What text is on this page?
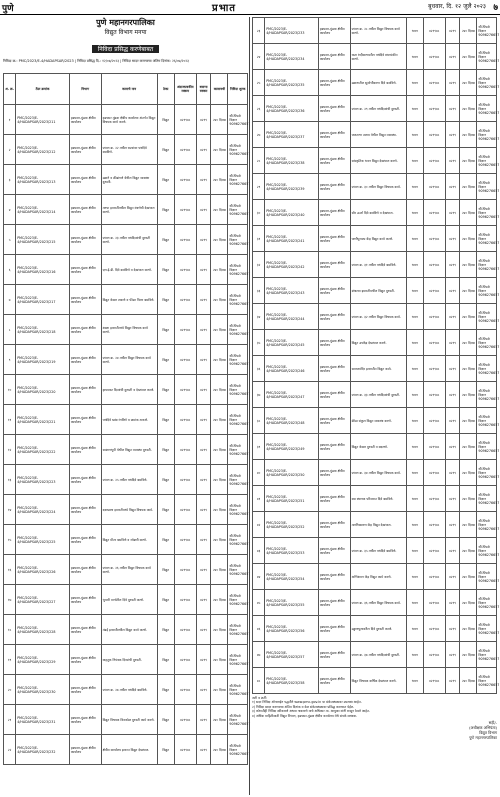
पुणे	प्रभात	बुधवार, दि. १२ जुलै २०२३ ७
पुणे महानगरपालिका
विद्युत विभाग मनपा
निविदा प्रसिद्ध करणेबाबत
निविदा क्र.: PMC/2023/E-4/HADAPSAR/2023 | निविदा प्रसिद्ध दि.: १२/०७/२०२३ | निविदा सादर करण्याचा अंतिम दिनांक: २६/०७/२०२३
अ. क्र.	टेंडर क्रमांक	विभाग	कामाचे नाव	ठेका	अंदाजपत्रकीय रक्कम	बयाणा रक्कम	कालावधी	निविदा शुल्क
१	PMC/2023/E-4/HADAPSAR/2023/211	हडपसर-मुंढवा क्षेत्रीय कार्यालय	हडपसर मुंढवा क्षेत्रीय कार्यालय अंतर्गत विद्युत विषयक कामे करणे.	विद्युत	४२१९४८	४२१९	२४० दिवस	श्री.पिंपळे विज्ञान 9096276657
२	PMC/2023/E-4/HADAPSAR/2023/212	हडपसर-मुंढवा क्षेत्रीय कार्यालय	प्रभाग क्र. २२ मधील रस्त्यांवर पथदिवे बसविणे.	विद्युत	४२१९४८	४२१९	२४० दिवस	श्री.पिंपळे विज्ञान 9096276657
३	PMC/2023/E-4/HADAPSAR/2023/213	हडपसर-मुंढवा क्षेत्रीय कार्यालय	उद्याने व क्रीडांगणे येथील विद्युत व्यवस्था दुरुस्ती.	विद्युत	४२१९४८	४२१९	२४० दिवस	श्री.पिंपळे विज्ञान 9096276657
४	PMC/2023/E-4/HADAPSAR/2023/214	हडपसर-मुंढवा क्षेत्रीय कार्यालय	मनपा इमारतींमधील विद्युत यंत्रणेची देखभाल करणे.	विद्युत	४२१९४८	४२१९	२४० दिवस	श्री.पिंपळे विज्ञान 9096276657
५	PMC/2023/E-4/HADAPSAR/2023/215	हडपसर-मुंढवा क्षेत्रीय कार्यालय	प्रभाग क्र. २३ मधील पथदिव्यांची दुरुस्ती करणे.	विद्युत	४२१९४८	४२१९	२४० दिवस	श्री.पिंपळे विज्ञान 9096276657
६	PMC/2023/E-4/HADAPSAR/2023/216	हडपसर-मुंढवा क्षेत्रीय कार्यालय	एल.ई.डी. दिवे बसविणे व देखभाल करणे.	विद्युत	४२१९४८	४२१९	२४० दिवस	श्री.पिंपळे विज्ञान 9096276657
७	PMC/2023/E-4/HADAPSAR/2023/217	हडपसर-मुंढवा क्षेत्रीय कार्यालय	विद्युत केबल टाकणे व फीडर पिलर बसविणे.	विद्युत	४२१९४८	४२१९	२४० दिवस	श्री.पिंपळे विज्ञान 9096276657
८	PMC/2023/E-4/HADAPSAR/2023/218	हडपसर-मुंढवा क्षेत्रीय कार्यालय	शाळा इमारतीमध्ये विद्युत विषयक कामे करणे.	विद्युत	४२१९४८	४२१९	२४० दिवस	श्री.पिंपळे विज्ञान 9096276657
९	PMC/2023/E-4/HADAPSAR/2023/219	हडपसर-मुंढवा क्षेत्रीय कार्यालय	प्रभाग क्र. २४ मधील विद्युत विषयक कामे करणे.	विद्युत	४२१९४८	४२१९	२४० दिवस	श्री.पिंपळे विज्ञान 9096276657
१०	PMC/2023/E-4/HADAPSAR/2023/220	हडपसर-मुंढवा क्षेत्रीय कार्यालय	हायमास्ट दिव्यांची दुरुस्ती व देखभाल करणे.	विद्युत	४२१९४८	४२१९	२४० दिवस	श्री.पिंपळे विज्ञान 9096276657
११	PMC/2023/E-4/HADAPSAR/2023/221	हडपसर-मुंढवा क्षेत्रीय कार्यालय	पथदिवे खांब रंगविणे व क्रमांक टाकणे.	विद्युत	४२१९४८	४२१९	२४० दिवस	श्री.पिंपळे विज्ञान 9096276657
१२	PMC/2023/E-4/HADAPSAR/2023/222	हडपसर-मुंढवा क्षेत्रीय कार्यालय	स्मशानभूमी येथील विद्युत व्यवस्था दुरुस्ती.	विद्युत	४२१९४८	४२१९	२४० दिवस	श्री.पिंपळे विज्ञान 9096276657
१३	PMC/2023/E-4/HADAPSAR/2023/223	हडपसर-मुंढवा क्षेत्रीय कार्यालय	प्रभाग क्र. २५ मधील पथदिवे बसविणे.	विद्युत	४२१९४८	४२१९	२४० दिवस	श्री.पिंपळे विज्ञान 9096276657
१४	PMC/2023/E-4/HADAPSAR/2023/224	हडपसर-मुंढवा क्षेत्रीय कार्यालय	दवाखाना इमारतीमध्ये विद्युत विषयक कामे.	विद्युत	४२१९४८	४२१९	२४० दिवस	श्री.पिंपळे विज्ञान 9096276657
१५	PMC/2023/E-4/HADAPSAR/2023/225	हडपसर-मुंढवा क्षेत्रीय कार्यालय	विद्युत मीटर बसविणे व जोडणी करणे.	विद्युत	४२१९४८	४२१९	२४० दिवस	श्री.पिंपळे विज्ञान 9096276657
१६	PMC/2023/E-4/HADAPSAR/2023/226	हडपसर-मुंढवा क्षेत्रीय कार्यालय	प्रभाग क्र. २६ मधील विद्युत विषयक कामे करणे.	विद्युत	४२१९४८	४२१९	२४० दिवस	श्री.पिंपळे विज्ञान 9096276657
१७	PMC/2023/E-4/HADAPSAR/2023/227	हडपसर-मुंढवा क्षेत्रीय कार्यालय	भुयारी मार्गातील दिवे दुरुस्ती करणे.	विद्युत	४२१९४८	४२१९	२४० दिवस	श्री.पिंपळे विज्ञान 9096276657
१८	PMC/2023/E-4/HADAPSAR/2023/228	हडपसर-मुंढवा क्षेत्रीय कार्यालय	मंडई इमारतीमधील विद्युत कामे करणे.	विद्युत	४२१९४८	४२१९	२४० दिवस	श्री.पिंपळे विज्ञान 9096276657
१९	PMC/2023/E-4/HADAPSAR/2023/229	हडपसर-मुंढवा क्षेत्रीय कार्यालय	वाहतूक नियंत्रक दिव्यांची दुरुस्ती.	विद्युत	४२१९४८	४२१९	२४० दिवस	श्री.पिंपळे विज्ञान 9096276657
२०	PMC/2023/E-4/HADAPSAR/2023/230	हडपसर-मुंढवा क्षेत्रीय कार्यालय	प्रभाग क्र. २७ मधील पथदिवे बसविणे.	विद्युत	४२१९४८	४२१९	२४० दिवस	श्री.पिंपळे विज्ञान 9096276657
२१	PMC/2023/E-4/HADAPSAR/2023/231	हडपसर-मुंढवा क्षेत्रीय कार्यालय	विद्युत विषयक किरकोळ दुरुस्ती कामे करणे.	विद्युत	४२१९४८	४२१९	२४० दिवस	श्री.पिंपळे विज्ञान 9096276657
२२	PMC/2023/E-4/HADAPSAR/2023/232	हडपसर-मुंढवा क्षेत्रीय कार्यालय	क्षेत्रीय कार्यालय इमारत विद्युत देखभाल.	विद्युत	४२१९४८	४२१९	२४० दिवस	श्री.पिंपळे विज्ञान 9096276657
२३	PMC/2023/E-4/HADAPSAR/2023/233	हडपसर-मुंढवा क्षेत्रीय कार्यालय	प्रभाग क्र. २८ मधील विद्युत विषयक कामे करणे.	भवन	४२१९४८	४२१९	२४० दिवस	श्री.पिंपळे विज्ञान 9096276657
२४	PMC/2023/E-4/HADAPSAR/2023/234	हडपसर-मुंढवा क्षेत्रीय कार्यालय	रस्ता रुंदीकरणातील पथदिवे स्थलांतरित करणे.	भवन	४२१९४८	४२१९	२४० दिवस	श्री.पिंपळे विज्ञान 9096276657
२५	PMC/2023/E-4/HADAPSAR/2023/235	हडपसर-मुंढवा क्षेत्रीय कार्यालय	उद्यानातील सुशोभीकरण दिवे बसविणे.	भवन	४२१९४८	४२१९	२४० दिवस	श्री.पिंपळे विज्ञान 9096276657
२६	PMC/2023/E-4/HADAPSAR/2023/236	हडपसर-मुंढवा क्षेत्रीय कार्यालय	प्रभाग क्र. २९ मधील पथदिव्यांची दुरुस्ती.	भवन	४२१९४८	४२१९	२४० दिवस	श्री.पिंपळे विज्ञान 9096276657
२७	PMC/2023/E-4/HADAPSAR/2023/237	हडपसर-मुंढवा क्षेत्रीय कार्यालय	जलतरण तलाव येथील विद्युत व्यवस्था.	भवन	४२१९४८	४२१९	२४० दिवस	श्री.पिंपळे विज्ञान 9096276657
२८	PMC/2023/E-4/HADAPSAR/2023/238	हडपसर-मुंढवा क्षेत्रीय कार्यालय	सांस्कृतिक भवन विद्युत देखभाल करणे.	भवन	४२१९४८	४२१९	२४० दिवस	श्री.पिंपळे विज्ञान 9096276657
२९	PMC/2023/E-4/HADAPSAR/2023/239	हडपसर-मुंढवा क्षेत्रीय कार्यालय	प्रभाग क्र. ३० मधील विद्युत विषयक कामे.	भवन	४२१९४८	४२१९	२४० दिवस	श्री.पिंपळे विज्ञान 9096276657
३०	PMC/2023/E-4/HADAPSAR/2023/240	हडपसर-मुंढवा क्षेत्रीय कार्यालय	सौर ऊर्जा दिवे बसविणे व देखभाल.	भवन	४२१९४८	४२१९	२४० दिवस	श्री.पिंपळे विज्ञान 9096276657
३१	PMC/2023/E-4/HADAPSAR/2023/241	हडपसर-मुंढवा क्षेत्रीय कार्यालय	पाणीपुरवठा केंद्र विद्युत कामे करणे.	भवन	४२१९४८	४२१९	२४० दिवस	श्री.पिंपळे विज्ञान 9096276657
३२	PMC/2023/E-4/HADAPSAR/2023/242	हडपसर-मुंढवा क्षेत्रीय कार्यालय	प्रभाग क्र. ३१ मधील पथदिवे बसविणे.	भवन	४२१९४८	४२१९	२४० दिवस	श्री.पिंपळे विज्ञान 9096276657
३३	PMC/2023/E-4/HADAPSAR/2023/243	हडपसर-मुंढवा क्षेत्रीय कार्यालय	ग्रंथालय इमारतीमधील विद्युत दुरुस्ती.	भवन	४२१९४८	४२१९	२४० दिवस	श्री.पिंपळे विज्ञान 9096276657
३४	PMC/2023/E-4/HADAPSAR/2023/244	हडपसर-मुंढवा क्षेत्रीय कार्यालय	प्रभाग क्र. ३२ मधील विद्युत विषयक कामे.	भवन	४२१९४८	४२१९	२४० दिवस	श्री.पिंपळे विज्ञान 9096276657
३५	PMC/2023/E-4/HADAPSAR/2023/245	हडपसर-मुंढवा क्षेत्रीय कार्यालय	विद्युत उपकेंद्र देखभाल करणे.	भवन	४२१९४८	४२१९	२४० दिवस	श्री.पिंपळे विज्ञान 9096276657
३६	PMC/2023/E-4/HADAPSAR/2023/246	हडपसर-मुंढवा क्षेत्रीय कार्यालय	समाजमंदिर इमारतीत विद्युत कामे.	भवन	४२१९४८	४२१९	२४० दिवस	श्री.पिंपळे विज्ञान 9096276657
३७	PMC/2023/E-4/HADAPSAR/2023/247	हडपसर-मुंढवा क्षेत्रीय कार्यालय	प्रभाग क्र. ३३ मधील पथदिव्यांची दुरुस्ती.	भवन	४२१९४८	४२१९	२४० दिवस	श्री.पिंपळे विज्ञान 9096276657
३८	PMC/2023/E-4/HADAPSAR/2023/248	हडपसर-मुंढवा क्षेत्रीय कार्यालय	क्रीडा संकुल विद्युत व्यवस्था करणे.	भवन	४२१९४८	४२१९	२४० दिवस	श्री.पिंपळे विज्ञान 9096276657
३९	PMC/2023/E-4/HADAPSAR/2023/249	हडपसर-मुंढवा क्षेत्रीय कार्यालय	विद्युत केबल दुरुस्ती व बदलणे.	भवन	४२१९४८	४२१९	२४० दिवस	श्री.पिंपळे विज्ञान 9096276657
४०	PMC/2023/E-4/HADAPSAR/2023/250	हडपसर-मुंढवा क्षेत्रीय कार्यालय	प्रभाग क्र. ३४ मधील विद्युत विषयक कामे.	भवन	४२१९४८	४२१९	२४० दिवस	श्री.पिंपळे विज्ञान 9096276657
४१	PMC/2023/E-4/HADAPSAR/2023/251	हडपसर-मुंढवा क्षेत्रीय कार्यालय	बस स्थानक परिसरात दिवे बसविणे.	भवन	४२१९४८	४२१९	२४० दिवस	श्री.पिंपळे विज्ञान 9096276657
४२	PMC/2023/E-4/HADAPSAR/2023/252	हडपसर-मुंढवा क्षेत्रीय कार्यालय	मलनिस्सारण केंद्र विद्युत देखभाल.	भवन	४२१९४८	४२१९	२४० दिवस	श्री.पिंपळे विज्ञान 9096276657
४३	PMC/2023/E-4/HADAPSAR/2023/253	हडपसर-मुंढवा क्षेत्रीय कार्यालय	प्रभाग क्र. ३५ मधील पथदिवे बसविणे.	भवन	४२१९४८	४२१९	२४० दिवस	श्री.पिंपळे विज्ञान 9096276657
४४	PMC/2023/E-4/HADAPSAR/2023/254	हडपसर-मुंढवा क्षेत्रीय कार्यालय	अग्निशमन केंद्र विद्युत कामे करणे.	भवन	४२१९४८	४२१९	२४० दिवस	श्री.पिंपळे विज्ञान 9096276657
४५	PMC/2023/E-4/HADAPSAR/2023/255	हडपसर-मुंढवा क्षेत्रीय कार्यालय	प्रभाग क्र. ३६ मधील विद्युत विषयक कामे.	भवन	४२१९४८	४२१९	२४० दिवस	श्री.पिंपळे विज्ञान 9096276657
४६	PMC/2023/E-4/HADAPSAR/2023/256	हडपसर-मुंढवा क्षेत्रीय कार्यालय	उड्डाणपुलावरील दिवे दुरुस्ती करणे.	भवन	४२१९४८	४२१९	२४० दिवस	श्री.पिंपळे विज्ञान 9096276657
४७	PMC/2023/E-4/HADAPSAR/2023/257	हडपसर-मुंढवा क्षेत्रीय कार्यालय	प्रभाग क्र. ३७ मधील पथदिव्यांची दुरुस्ती.	भवन	४२१९४८	४२१९	२४० दिवस	श्री.पिंपळे विज्ञान 9096276657
४८	PMC/2023/E-4/HADAPSAR/2023/258	हडपसर-मुंढवा क्षेत्रीय कार्यालय	विद्युत विषयक वार्षिक देखभाल करणे.	भवन	४२१९४८	४२१९	२४० दिवस	श्री.पिंपळे विज्ञान 9096276657
अटी व शर्ती:
१) सदर निविदा ऑनलाईन पद्धतीने www.pmc.gov.in या संकेतस्थळावर उपलब्ध आहेत.
२) निविदा सादर करण्याचा अंतिम दिनांक व वेळ संकेतस्थळावर प्रसिद्ध करण्यात येईल.
३) कोणतीही निविदा स्वीकारणे अथवा नाकारणे याचे अधिकार मा. आयुक्त यांनी राखून ठेवले आहेत.
४) अधिक माहितीसाठी विद्युत विभाग, हडपसर-मुंढवा क्षेत्रीय कार्यालय येथे संपर्क साधावा.
सही/-
(अधीक्षक अभियंता)
विद्युत विभाग
पुणे महानगरपालिका
